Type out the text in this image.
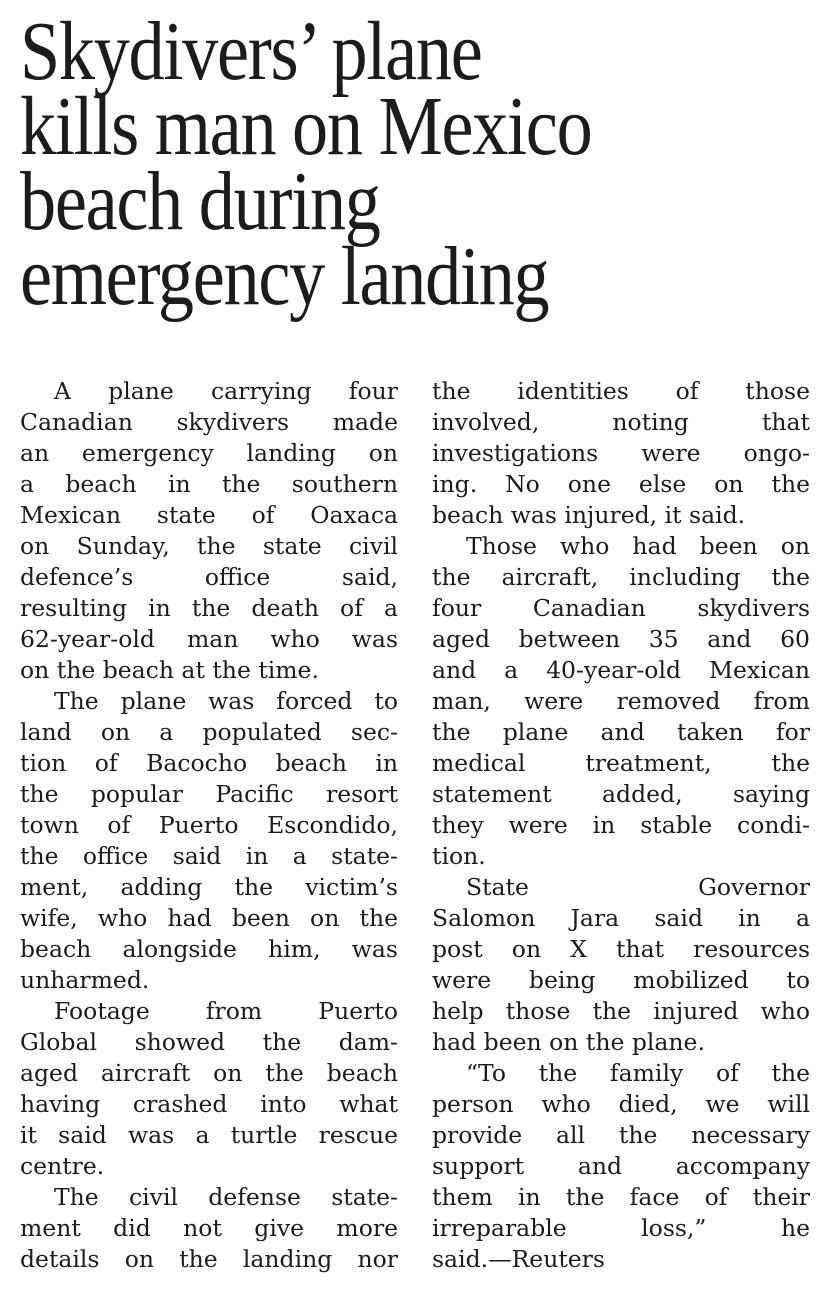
Skydivers’ plane
kills man on Mexico
beach during
emergency landing
A plane carrying four
Canadian skydivers made
an emergency landing on
a beach in the southern
Mexican state of Oaxaca
on Sunday, the state civil
defence’s office said,
resulting in the death of a
62-year-old man who was
on the beach at the time.
The plane was forced to
land on a populated sec-
tion of Bacocho beach in
the popular Pacific resort
town of Puerto Escondido,
the office said in a state-
ment, adding the victim’s
wife, who had been on the
beach alongside him, was
unharmed.
Footage from Puerto
Global showed the dam-
aged aircraft on the beach
having crashed into what
it said was a turtle rescue
centre.
The civil defense state-
ment did not give more
details on the landing nor
the identities of those
involved, noting that
investigations were ongo-
ing. No one else on the
beach was injured, it said.
Those who had been on
the aircraft, including the
four Canadian skydivers
aged between 35 and 60
and a 40-year-old Mexican
man, were removed from
the plane and taken for
medical treatment, the
statement added, saying
they were in stable condi-
tion.
State Governor
Salomon Jara said in a
post on X that resources
were being mobilized to
help those the injured who
had been on the plane.
“To the family of the
person who died, we will
provide all the necessary
support and accompany
them in the face of their
irreparable loss,” he
said.—Reuters
